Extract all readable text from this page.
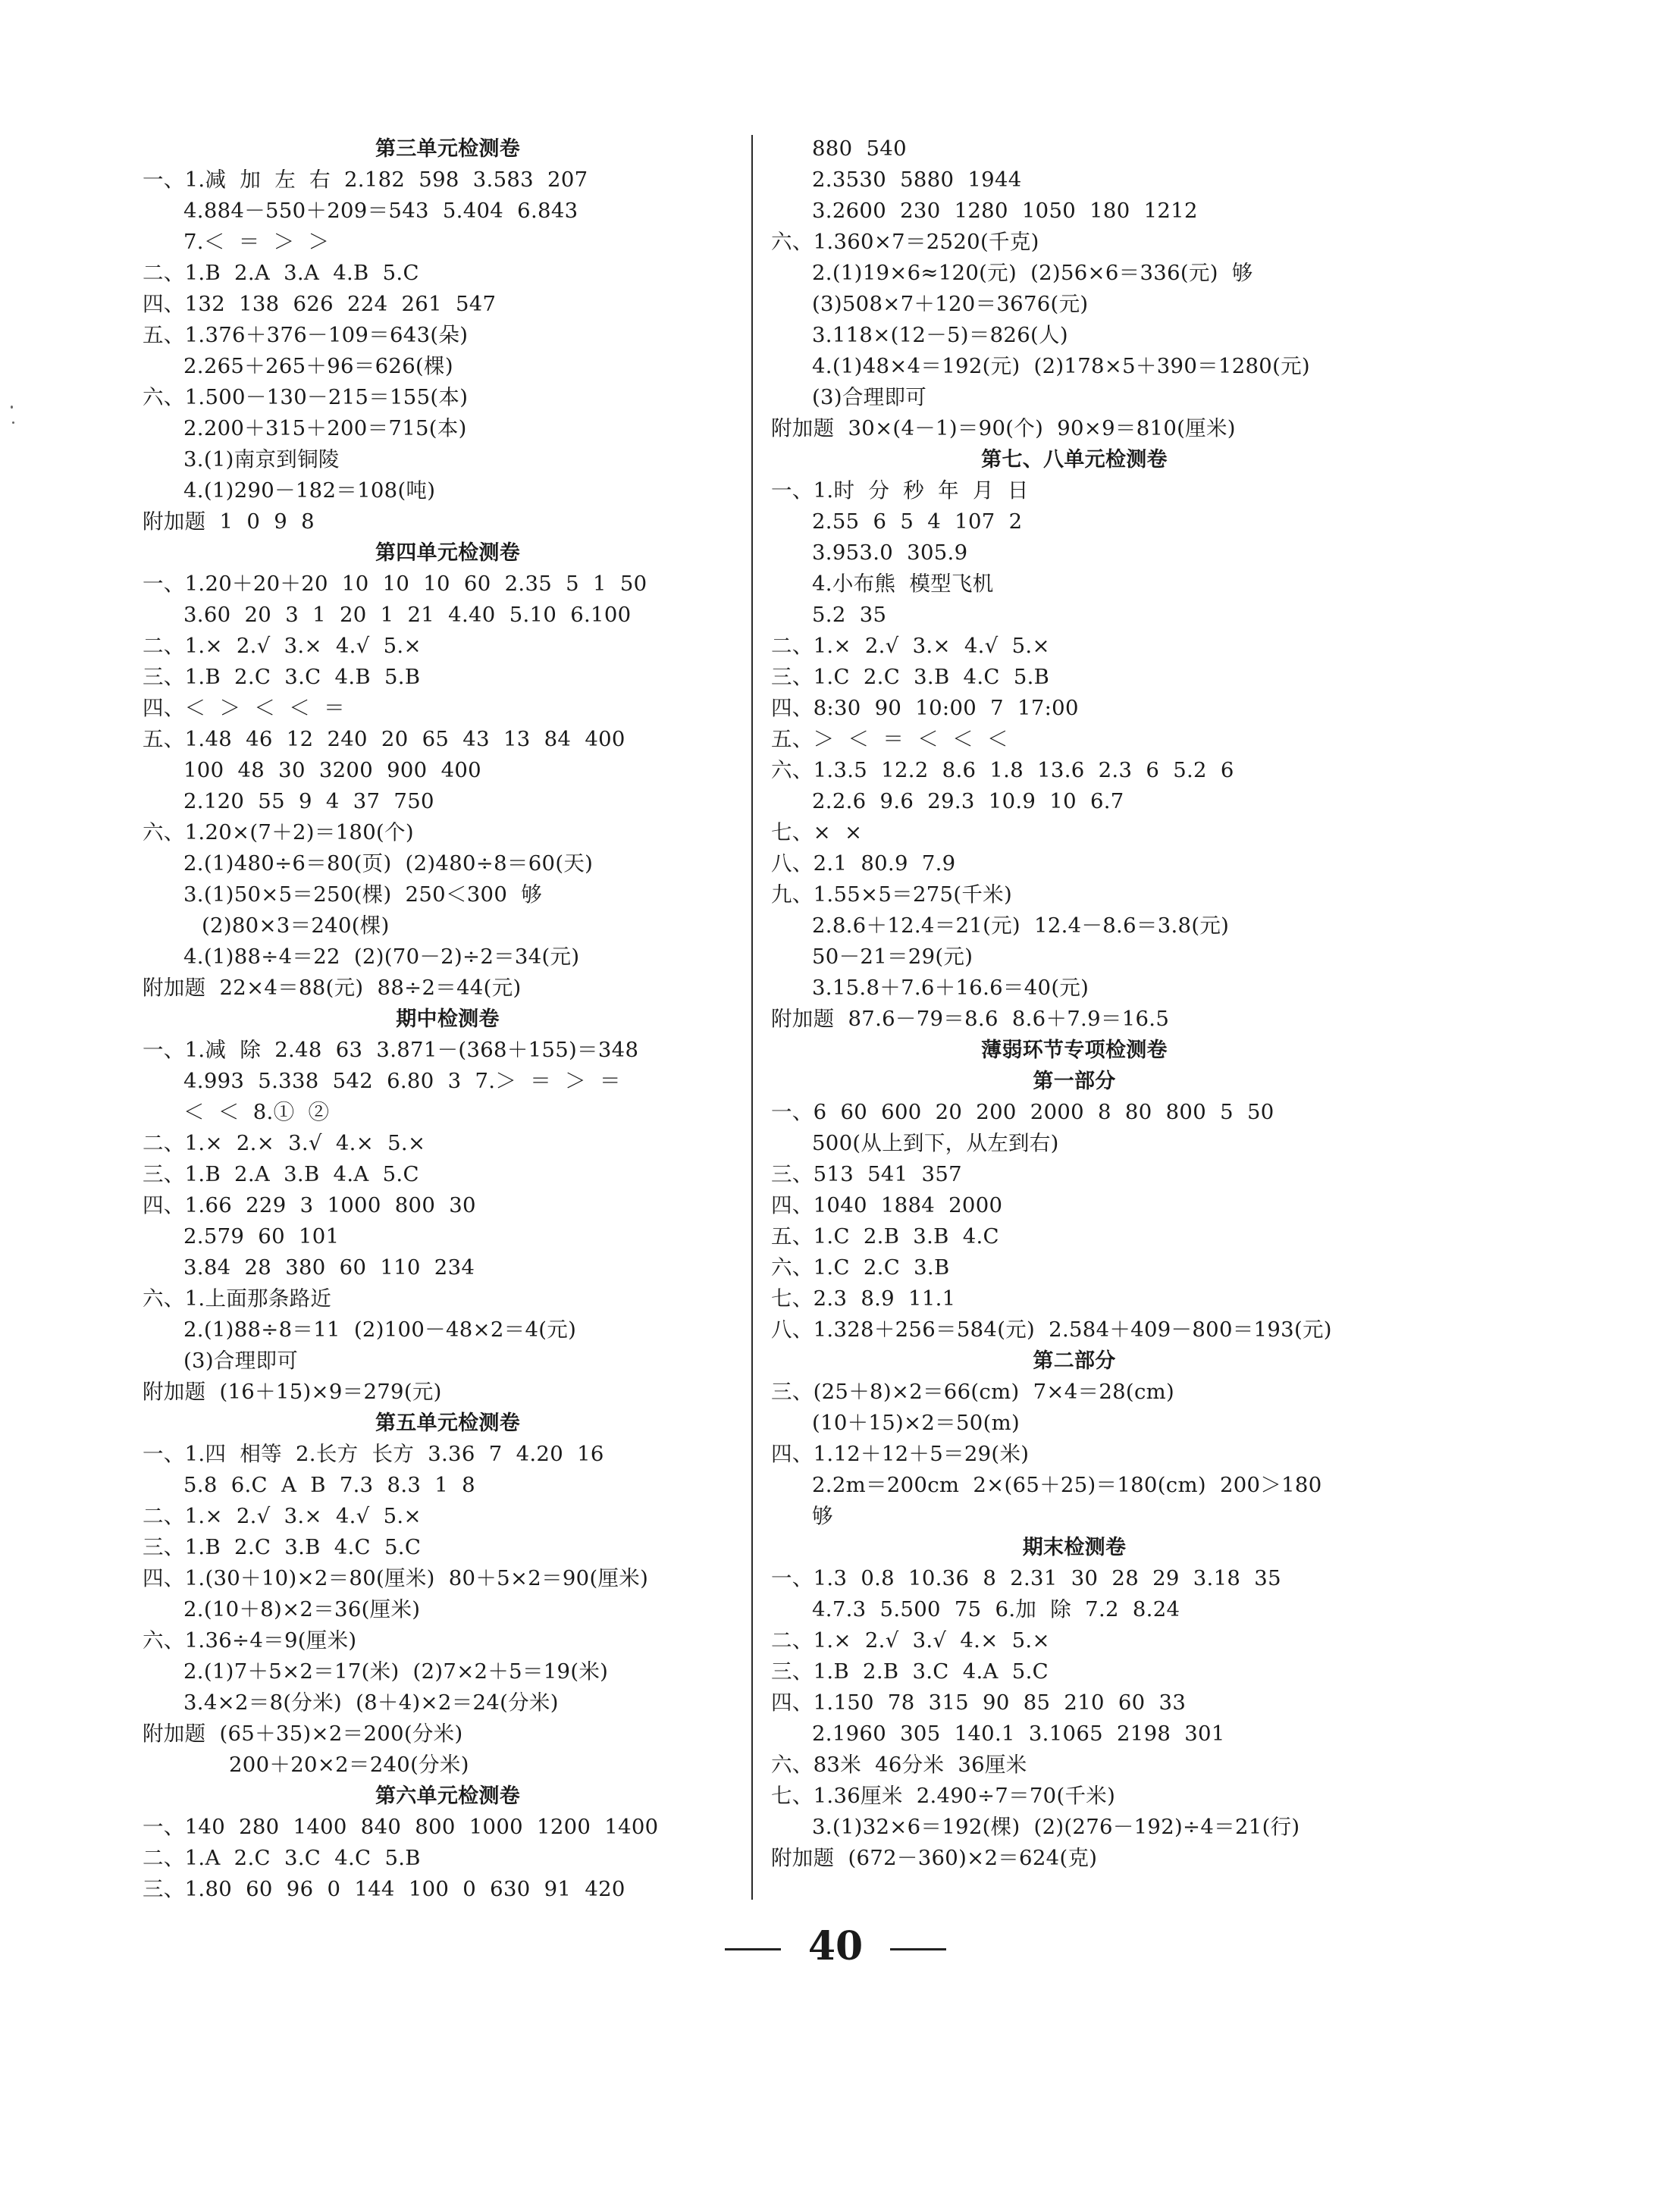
第三单元检测卷
一、1.减  加  左  右  2.182  598  3.583  207
4.884－550＋209＝543  5.404  6.843
7.＜  ＝  ＞  ＞
二、1.B  2.A  3.A  4.B  5.C
四、132  138  626  224  261  547
五、1.376＋376－109＝643(朵)
2.265＋265＋96＝626(棵)
六、1.500－130－215＝155(本)
2.200＋315＋200＝715(本)
3.(1)南京到铜陵
4.(1)290－182＝108(吨)
附加题  1  0  9  8
第四单元检测卷
一、1.20＋20＋20  10  10  10  60  2.35  5  1  50
3.60  20  3  1  20  1  21  4.40  5.10  6.100
二、1.×  2.√  3.×  4.√  5.×
三、1.B  2.C  3.C  4.B  5.B
四、＜  ＞  ＜  ＜  ＝
五、1.48  46  12  240  20  65  43  13  84  400
100  48  30  3200  900  400
2.120  55  9  4  37  750
六、1.20×(7＋2)＝180(个)
2.(1)480÷6＝80(页)  (2)480÷8＝60(天)
3.(1)50×5＝250(棵)  250＜300  够
(2)80×3＝240(棵)
4.(1)88÷4＝22  (2)(70－2)÷2＝34(元)
附加题  22×4＝88(元)  88÷2＝44(元)
期中检测卷
一、1.减  除  2.48  63  3.871－(368＋155)＝348
4.993  5.338  542  6.80  3  7.＞  ＝  ＞  ＝
＜  ＜  8.①  ②
二、1.×  2.×  3.√  4.×  5.×
三、1.B  2.A  3.B  4.A  5.C
四、1.66  229  3  1000  800  30
2.579  60  101
3.84  28  380  60  110  234
六、1.上面那条路近
2.(1)88÷8＝11  (2)100－48×2＝4(元)
(3)合理即可
附加题  (16＋15)×9＝279(元)
第五单元检测卷
一、1.四  相等  2.长方  长方  3.36  7  4.20  16
5.8  6.C  A  B  7.3  8.3  1  8
二、1.×  2.√  3.×  4.√  5.×
三、1.B  2.C  3.B  4.C  5.C
四、1.(30＋10)×2＝80(厘米)  80＋5×2＝90(厘米)
2.(10＋8)×2＝36(厘米)
六、1.36÷4＝9(厘米)
2.(1)7＋5×2＝17(米)  (2)7×2＋5＝19(米)
3.4×2＝8(分米)  (8＋4)×2＝24(分米)
附加题  (65＋35)×2＝200(分米)
200＋20×2＝240(分米)
第六单元检测卷
一、140  280  1400  840  800  1000  1200  1400
二、1.A  2.C  3.C  4.C  5.B
三、1.80  60  96  0  144  100  0  630  91  420
880  540
2.3530  5880  1944
3.2600  230  1280  1050  180  1212
六、1.360×7＝2520(千克)
2.(1)19×6≈120(元)  (2)56×6＝336(元)  够
(3)508×7＋120＝3676(元)
3.118×(12－5)＝826(人)
4.(1)48×4＝192(元)  (2)178×5＋390＝1280(元)
(3)合理即可
附加题  30×(4－1)＝90(个)  90×9＝810(厘米)
第七、八单元检测卷
一、1.时  分  秒  年  月  日
2.55  6  5  4  107  2
3.953.0  305.9
4.小布熊  模型飞机
5.2  35
二、1.×  2.√  3.×  4.√  5.×
三、1.C  2.C  3.B  4.C  5.B
四、8:30  90  10:00  7  17:00
五、＞  ＜  ＝  ＜  ＜  ＜
六、1.3.5  12.2  8.6  1.8  13.6  2.3  6  5.2  6
2.2.6  9.6  29.3  10.9  10  6.7
七、×  ×
八、2.1  80.9  7.9
九、1.55×5＝275(千米)
2.8.6＋12.4＝21(元)  12.4－8.6＝3.8(元)
50－21＝29(元)
3.15.8＋7.6＋16.6＝40(元)
附加题  87.6－79＝8.6  8.6＋7.9＝16.5
薄弱环节专项检测卷
第一部分
一、6  60  600  20  200  2000  8  80  800  5  50
500(从上到下，从左到右)
三、513  541  357
四、1040  1884  2000
五、1.C  2.B  3.B  4.C
六、1.C  2.C  3.B
七、2.3  8.9  11.1
八、1.328＋256＝584(元)  2.584＋409－800＝193(元)
第二部分
三、(25＋8)×2＝66(cm)  7×4＝28(cm)
(10＋15)×2＝50(m)
四、1.12＋12＋5＝29(米)
2.2m＝200cm  2×(65＋25)＝180(cm)  200＞180
够
期末检测卷
一、1.3  0.8  10.36  8  2.31  30  28  29  3.18  35
4.7.3  5.500  75  6.加  除  7.2  8.24
二、1.×  2.√  3.√  4.×  5.×
三、1.B  2.B  3.C  4.A  5.C
四、1.150  78  315  90  85  210  60  33
2.1960  305  140.1  3.1065  2198  301
六、83米  46分米  36厘米
七、1.36厘米  2.490÷7＝70(千米)
3.(1)32×6＝192(棵)  (2)(276－192)÷4＝21(行)
附加题  (672－360)×2＝624(克)
40
